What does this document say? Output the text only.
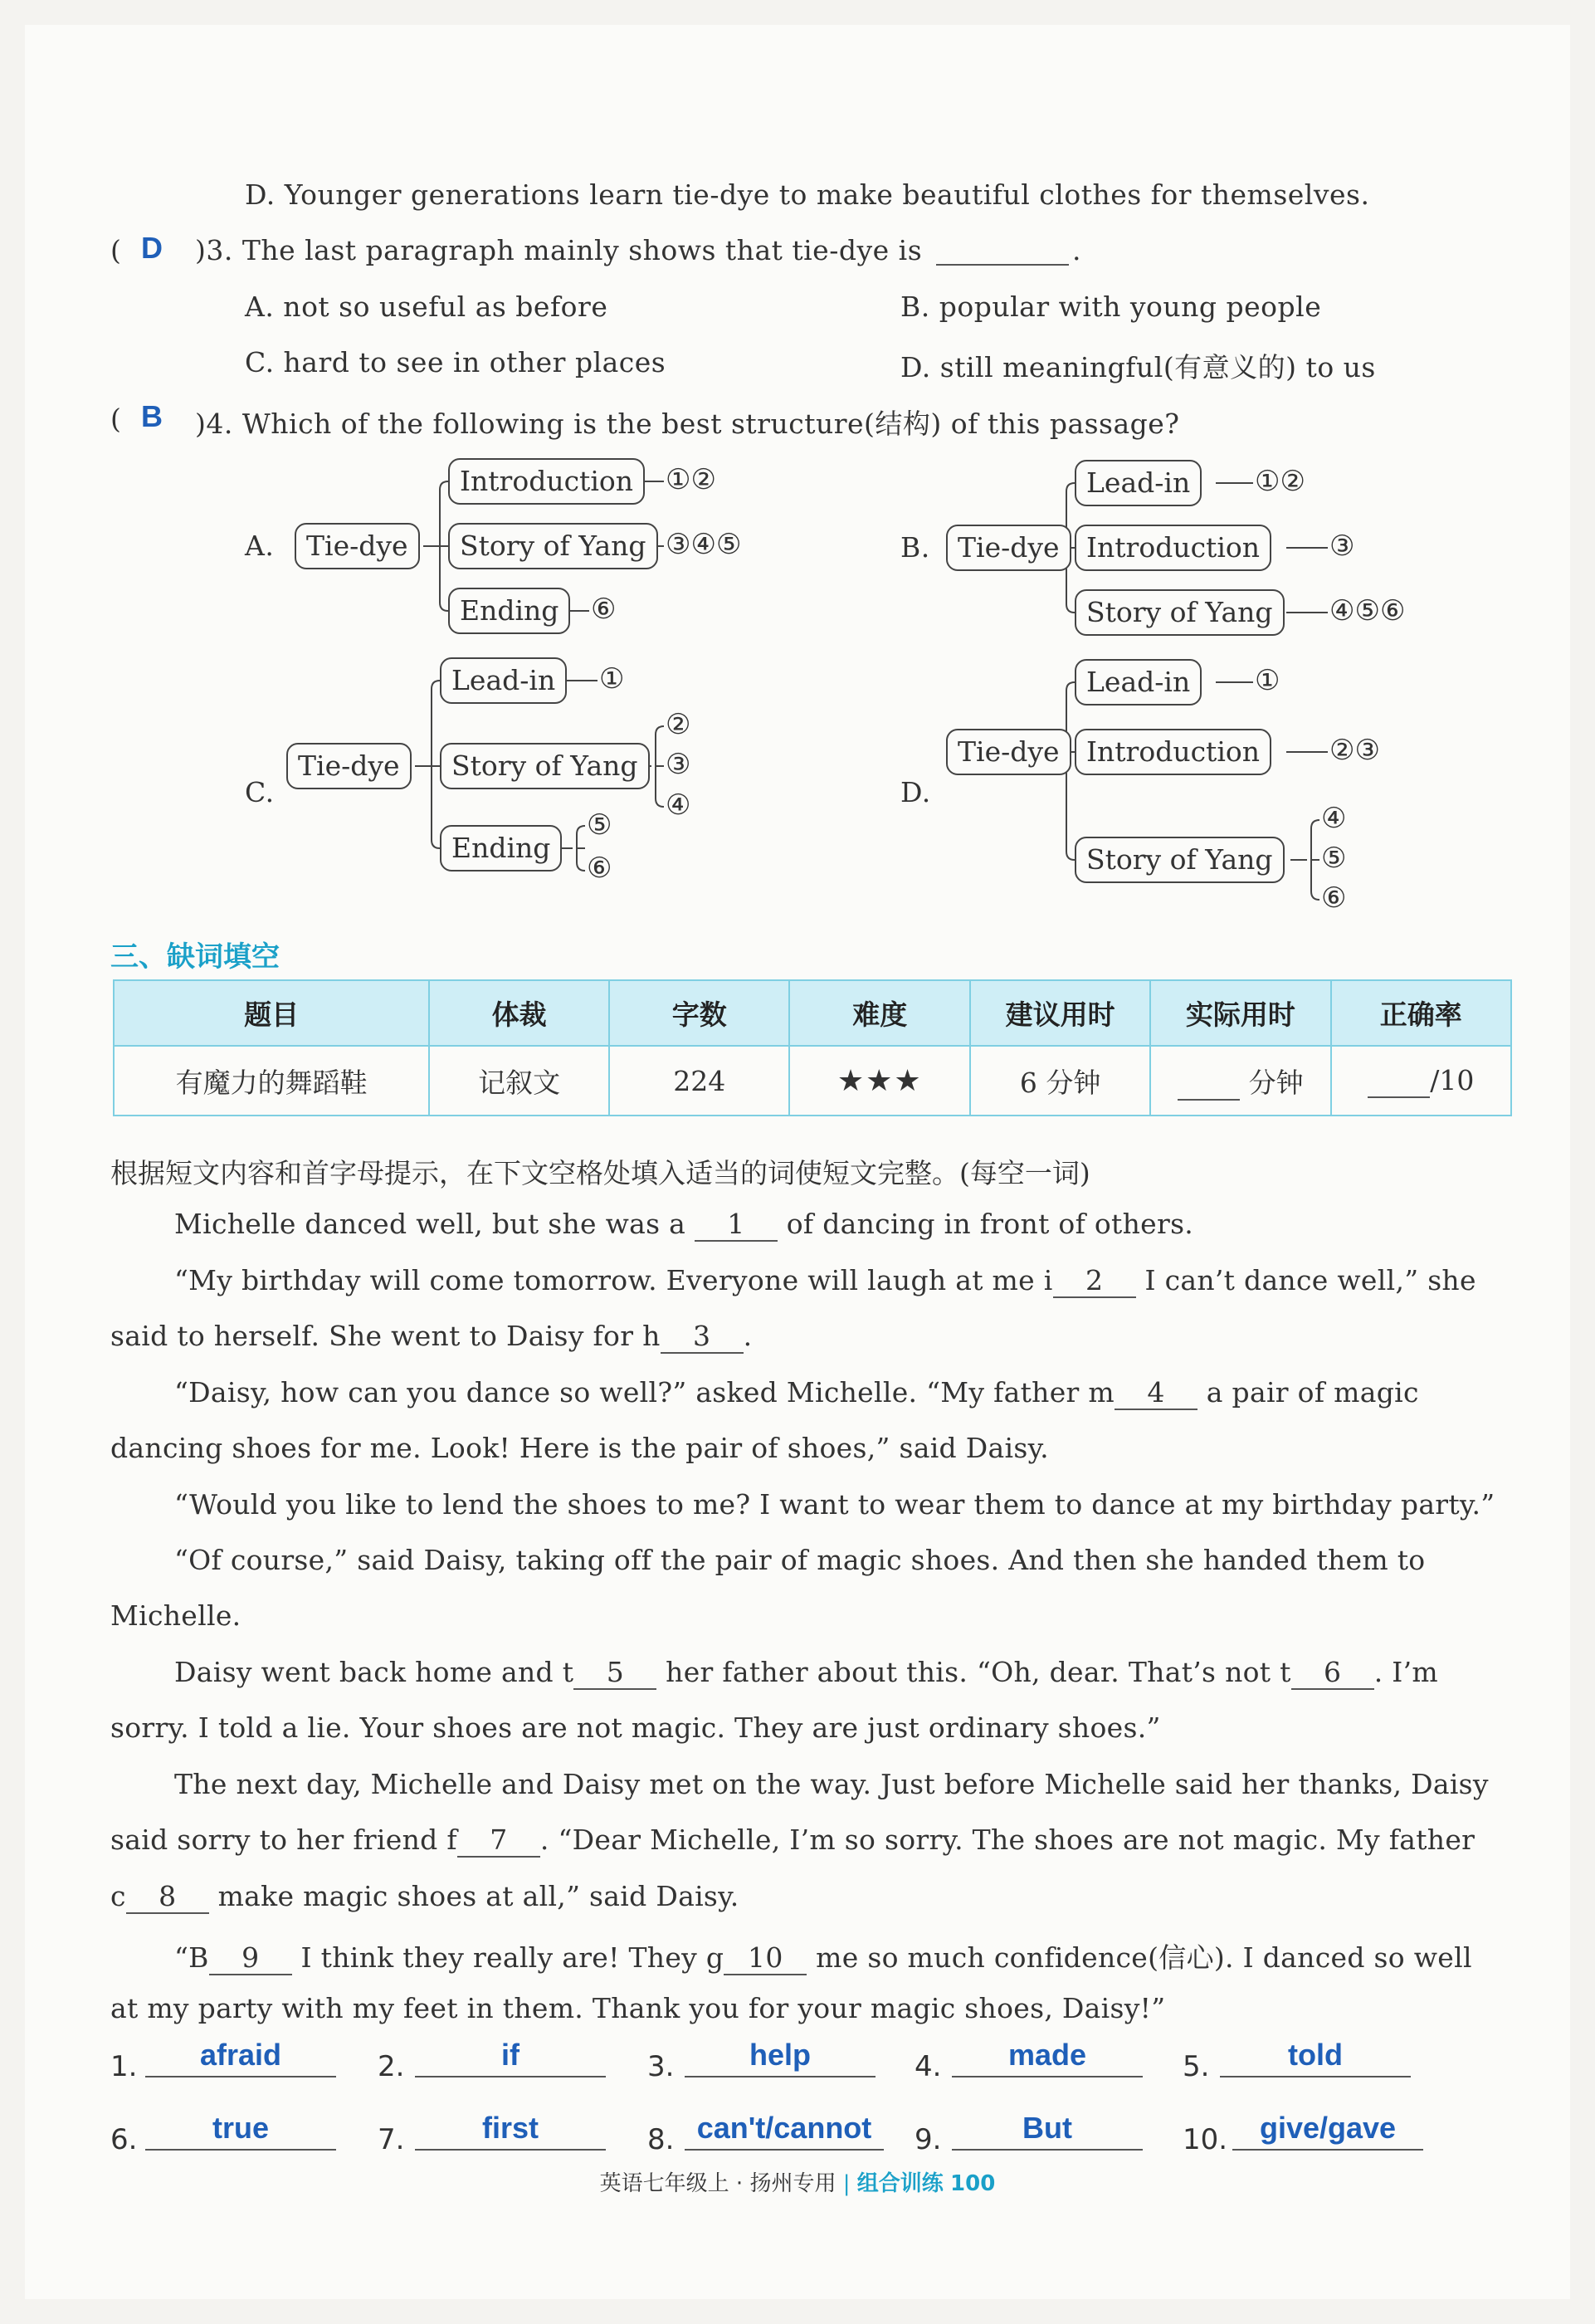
D. Younger generations learn tie-dye to make beautiful clothes for themselves.
( D )3. The last paragraph mainly shows that tie-dye is	.
A. not so useful as before	B. popular with young people
C. hard to see in other places	D. still meaningful(有意义的) to us
( B )4. Which of the following is the best structure(结构) of this passage?
A.	Tie-dye
Introduction	①②
Story of Yang ③④⑤
Ending	⑥
B.	Tie-dye
Lead-in	①②
Introduction	③
Story of Yang	④⑤⑥
C.
Tie-dye
Lead-in	①
Story of Yang
②
③
④
Ending
⑤
⑥
D.
Tie-dye
Lead-in	①
Introduction	②③
Story of Yang
④
⑤
⑥
三、缺词填空
题目	体裁	字数	难度	建议用时	实际用时	正确率
有魔力的舞蹈鞋	记叙文	224	★★★	6 分钟	分钟	/10
根据短文内容和首字母提示，在下文空格处填入适当的词使短文完整。(每空一词)
Michelle danced well, but she was a 1 of dancing in front of others.
“My birthday will come tomorrow. Everyone will laugh at me i 2 I can’t dance well,” she
said to herself. She went to Daisy for h 3 .
“Daisy, how can you dance so well?” asked Michelle. “My father m 4 a pair of magic
dancing shoes for me. Look! Here is the pair of shoes,” said Daisy.
“Would you like to lend the shoes to me? I want to wear them to dance at my birthday party.”
“Of course,” said Daisy, taking off the pair of magic shoes. And then she handed them to
Michelle.
Daisy went back home and t 5 her father about this. “Oh, dear. That’s not t 6 . I’m
sorry. I told a lie. Your shoes are not magic. They are just ordinary shoes.”
The next day, Michelle and Daisy met on the way. Just before Michelle said her thanks, Daisy
said sorry to her friend f 7 . “Dear Michelle, I’m so sorry. The shoes are not magic. My father
c 8 make magic shoes at all,” said Daisy.
“B 9 I think they really are! They g 10 me so much confidence(信心). I danced so well
at my party with my feet in them. Thank you for your magic shoes, Daisy!”
1.	afraid	2.	if	3.	help	4.	made	5.	told
6.	true	7.	first	8. can't/cannot	9.	But	10.	give/gave
英语七年级上 · 扬州专用 | 组合训练 100
